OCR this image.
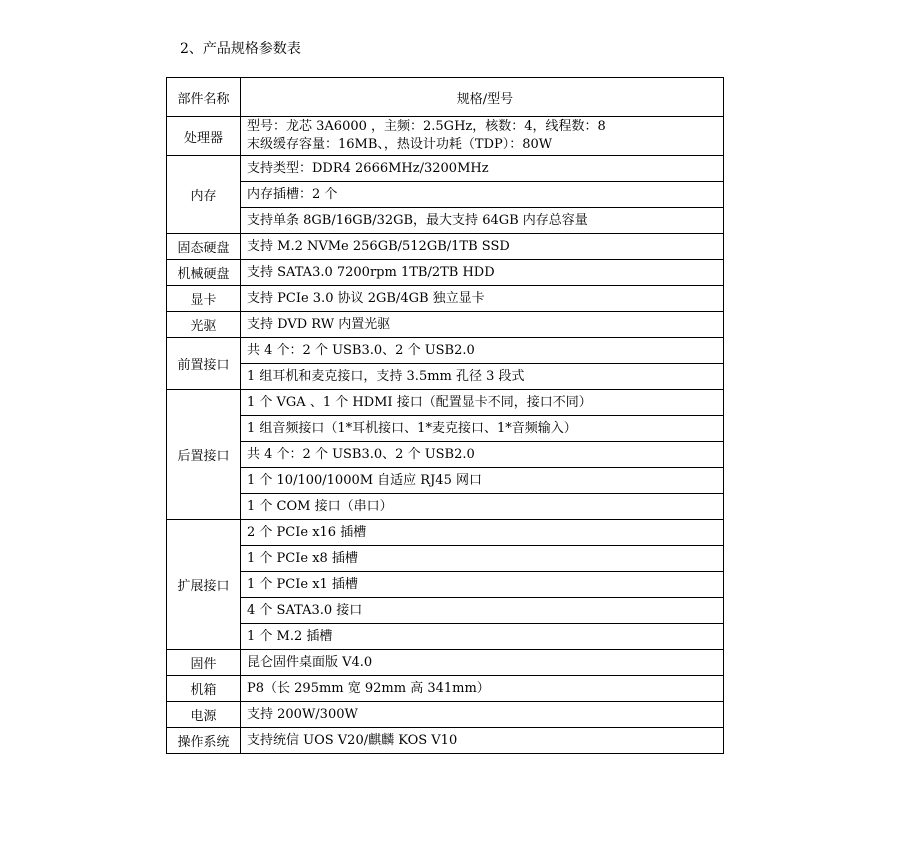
2、产品规格参数表
部件名称	规格/型号
处理器	型号：龙芯 3A6000 ，主频：2.5GHz，核数：4，线程数：8
末级缓存容量：16MB、，热设计功耗（TDP）：80W
内存	支持类型：DDR4 2666MHz/3200MHz
	内存插槽：2 个
	支持单条 8GB/16GB/32GB，最大支持 64GB 内存总容量
固态硬盘	支持 M.2 NVMe 256GB/512GB/1TB SSD
机械硬盘	支持 SATA3.0 7200rpm 1TB/2TB HDD
显卡	支持 PCIe 3.0 协议 2GB/4GB 独立显卡
光驱	支持 DVD RW 内置光驱
前置接口	共 4 个：2 个 USB3.0、2 个 USB2.0
	1 组耳机和麦克接口，支持 3.5mm 孔径 3 段式
后置接口	1 个 VGA 、1 个 HDMI 接口（配置显卡不同，接口不同）
	1 组音频接口（1*耳机接口、1*麦克接口、1*音频输入）
	共 4 个：2 个 USB3.0、2 个 USB2.0
	1 个 10/100/1000M 自适应 RJ45 网口
	1 个 COM 接口（串口）
扩展接口	2 个 PCIe x16 插槽
	1 个 PCIe x8 插槽
	1 个 PCIe x1 插槽
	4 个 SATA3.0 接口
	1 个 M.2 插槽
固件	昆仑固件桌面版 V4.0
机箱	P8（长 295mm 宽 92mm 高 341mm）
电源	支持 200W/300W
操作系统	支持统信 UOS V20/麒麟 KOS V10
